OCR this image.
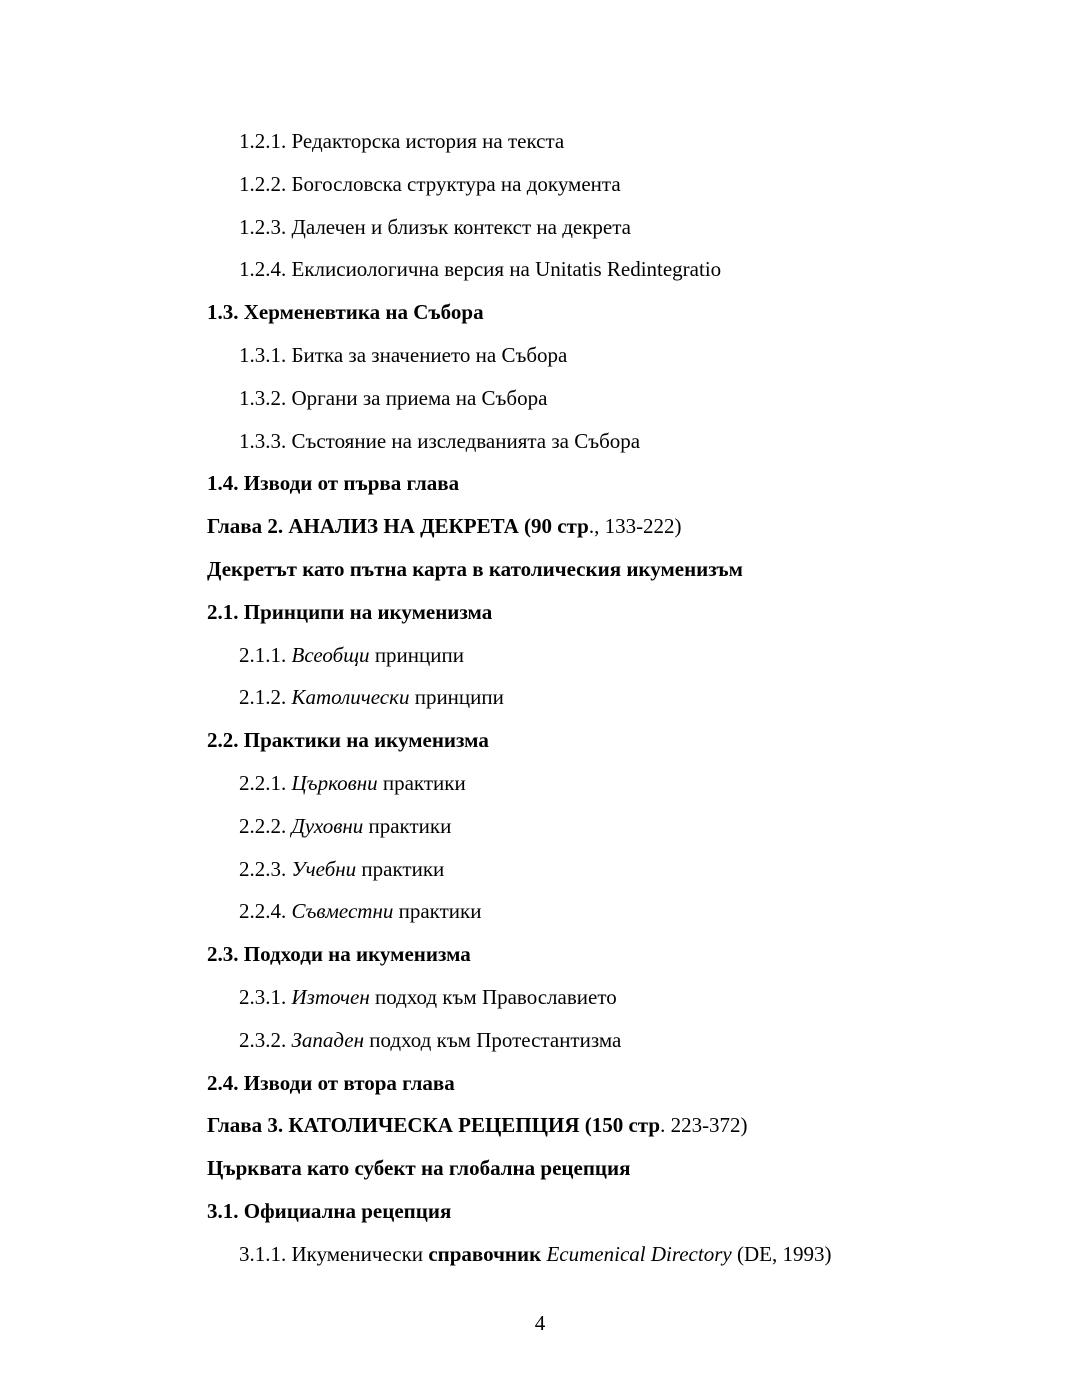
1.2.1. Редакторска история на текста
1.2.2. Богословска структура на документа
1.2.3. Далечен и близък контекст на декрета
1.2.4. Еклисиологична версия на Unitatis Redintegratio
1.3. Херменевтика на Събора
1.3.1. Битка за значението на Събора
1.3.2. Органи за приема на Събора
1.3.3. Състояние на изследванията за Събора
1.4. Изводи от първа глава
Глава 2. АНАЛИЗ НА ДЕКРЕТА (90 стр., 133-222)
Декретът като пътна карта в католическия икуменизъм
2.1. Принципи на икуменизма
2.1.1. Всеобщи принципи
2.1.2. Католически принципи
2.2. Практики на икуменизма
2.2.1. Църковни практики
2.2.2. Духовни практики
2.2.3. Учебни практики
2.2.4. Съвместни практики
2.3. Подходи на икуменизма
2.3.1. Източен подход към Православието
2.3.2. Западен подход към Протестантизма
2.4. Изводи от втора глава
Глава 3. КАТОЛИЧЕСКА РЕЦЕПЦИЯ (150 стр. 223-372)
Църквата като субект на глобална рецепция
3.1. Официална рецепция
3.1.1. Икуменически справочник Ecumenical Directory (DE, 1993)
4
